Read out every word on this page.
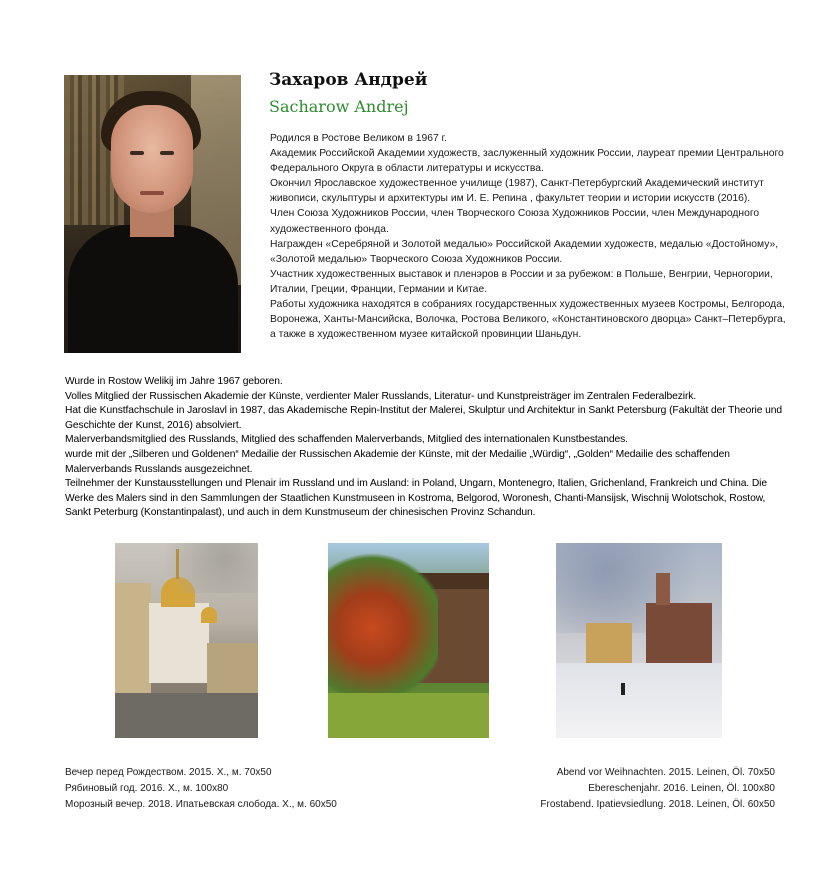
Захаров Андрей
Sacharow Andrej

Родился в Ростове Великом в 1967 г.

Академик Российской Академии художеств, заслуженный художник России, лауреат премии Центрального Федерального Округа в области литературы и искусства.

Окончил Ярославское художественное училище (1987), Санкт-Петербургский Академический институт живописи, скульптуры и архитектуры им И. Е. Репина , факультет теории и истории искусств (2016).

Член Союза Художников России, член Творческого Союза Художников России, член Международного художественного фонда.

Награжден «Серебряной и Золотой медалью» Российской Академии художеств, медалью «Достойному», «Золотой медалью» Творческого Союза Художников России.

Участник художественных выставок и пленэров в России и за рубежом: в Польше, Венгрии, Черногории, Италии, Греции, Франции, Германии и Китае.

Работы художника находятся в собраниях государственных художественных музеев Костромы, Белгорода, Воронежа, Ханты-Мансийска, Волочка, Ростова Великого, «Константиновского дворца» Санкт–Петербурга, а также в художественном музее китайской провинции Шаньдун.

Wurde in Rostow Welikij im Jahre 1967 geboren.

Volles Mitglied der Russischen Akademie der Künste, verdienter Maler Russlands, Literatur- und Kunstpreisträger im Zentralen Federalbezirk.

Hat die Kunstfachschule in Jaroslavl in 1987, das Akademische Repin-Institut der Malerei, Skulptur und Architektur in Sankt Petersburg (Fakultät der Theorie und Geschichte der Kunst, 2016) absolviert.

Malerverbandsmitglied des Russlands, Mitglied des schaffenden Malerverbands, Mitglied des internationalen Kunstbestandes.

wurde mit der „Silberen und Goldenen“ Medailie der Russischen Akademie der Künste, mit der Medailie „Würdig“, „Golden“ Medailie des schaffenden Malerverbands Russlands ausgezeichnet.

Teilnehmer der Kunstausstellungen und Plenair im Russland und im Ausland: in Poland, Ungarn, Montenegro, Italien, Grichenland, Frankreich und China. Die Werke des Malers sind in den Sammlungen der Staatlichen Kunstmuseen in Kostroma, Belgorod, Woronesh, Chanti-Mansijsk, Wischnij Wolotschok, Rostow, Sankt Peterburg (Konstantinpalast), und auch in dem Kunstmuseum der chinesischen Provinz Schandun.

Вечер перед Рождеством. 2015. Х., м. 70х50
Рябиновый год. 2016. Х., м. 100х80
Морозный вечер. 2018. Ипатьевская слобода. Х., м. 60х50
Abend vor Weihnachten. 2015. Leinen, Öl. 70x50
Ebereschenjahr. 2016. Leinen, Öl. 100x80
Frostabend. Ipatievsiedlung. 2018. Leinen, Öl. 60x50
